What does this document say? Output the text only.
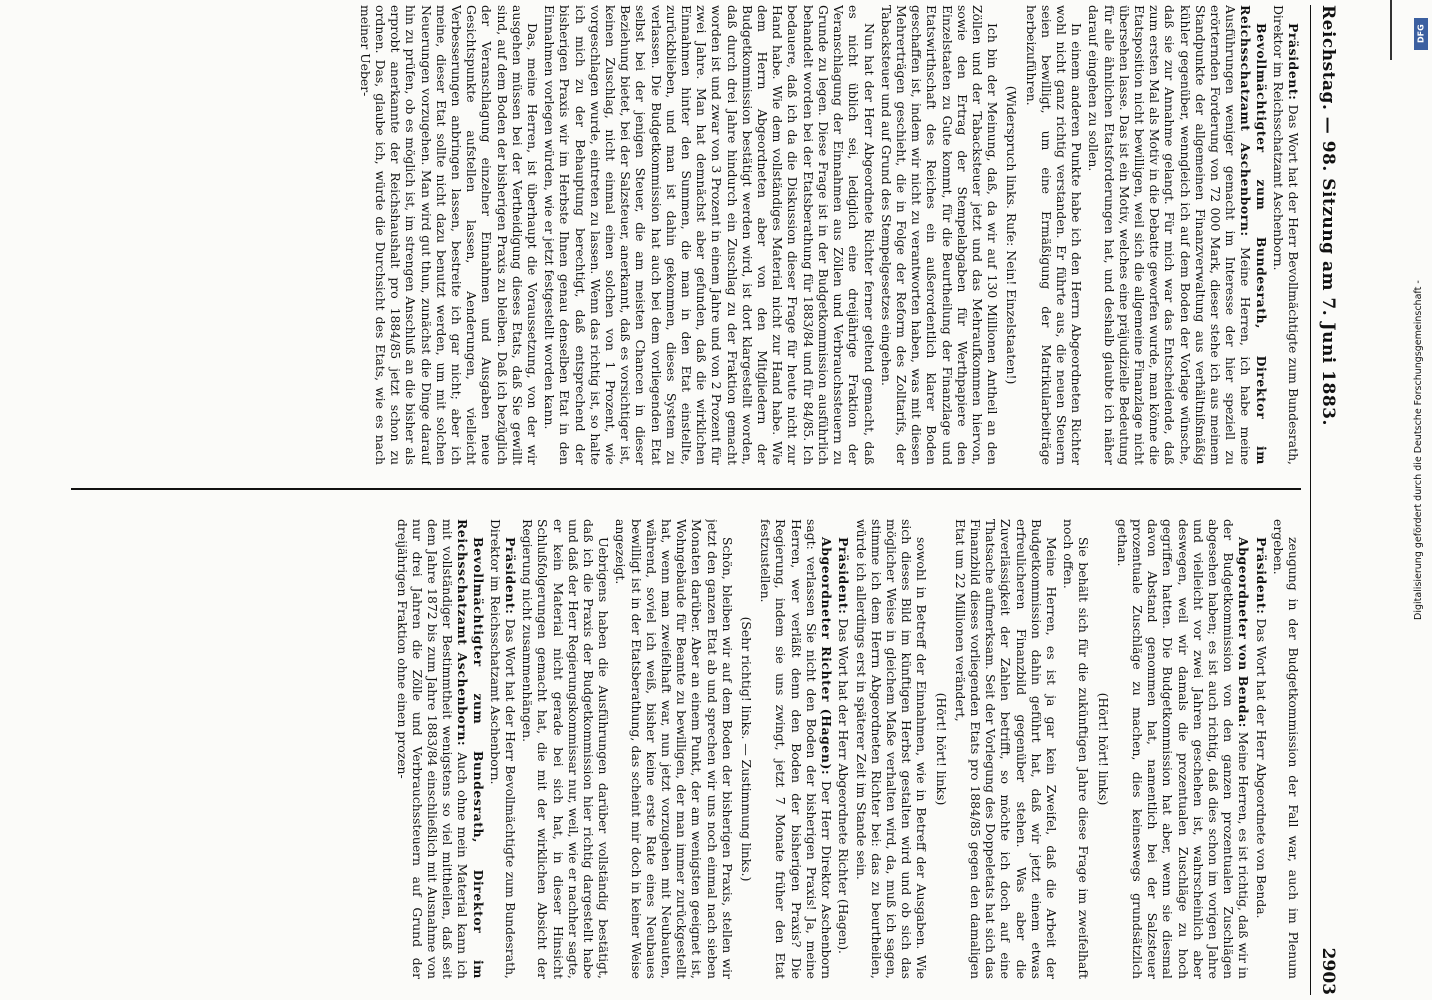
Reichstag. — 98. Sitzung am 7. Juni 1883.
2903

Präsident: Das Wort hat der Herr Bevollmächtigte zum Bundesrath, Direktor im Reichsschatzamt Aschenborn.

Bevollmächtigter zum Bundesrath, Direktor im Reichsschatzamt Aschenborn: Meine Herren, ich habe meine Ausführungen weniger gemacht im Interesse der hier speziell zu erörternden Forderung von 72 000 Mark, dieser stehe ich aus meinem Standpunkte der allgemeinen Finanzverwaltung aus verhältnißmäßig kühler gegenüber, wenngleich ich auf dem Boden der Vorlage wünsche, daß sie zur Annahme gelangt. Für mich war das Entscheidende, daß zum ersten Mal als Motiv in die Debatte geworfen wurde, man könne die Etatsposition nicht bewilligen, weil sich die allgemeine Finanzlage nicht übersehen lasse. Das ist ein Motiv, welches eine präjudizielle Bedeutung für alle ähnlichen Etatsforderungen hat, und deshalb glaubte ich näher darauf eingehen zu sollen.

In einem anderen Punkte habe ich den Herrn Abgeordneten Richter wohl nicht ganz richtig verstanden. Er führte aus, die neuen Steuern seien bewilligt, um eine Ermäßigung der Matrikularbeiträge herbeizuführen.

(Widerspruch links. Rufe: Nein! Einzelstaaten!)

Ich bin der Meinung, daß, da wir auf 130 Millionen Antheil an den Zöllen und der Tabacksteuer jetzt und das Mehraufkommen hiervon, sowie den Ertrag der Stempelabgaben für Werthpapiere den Einzelstaaten zu Gute kommt, für die Beurtheilung der Finanzlage und Etatswirthschaft des Reiches ein außerordentlich klarer Boden geschaffen ist, indem wir nicht zu verantworten haben, was mit diesen Mehrerträgen geschieht, die in Folge der Reform des Zolltarifs, der Tabacksteuer und auf Grund des Stempelgesetzes eingehen.

Nun hat der Herr Abgeordnete Richter ferner geltend gemacht, daß es nicht üblich sei, lediglich eine dreijährige Fraktion der Veranschlagung der Einnahmen aus Zöllen und Verbrauchssteuern zu Grunde zu legen. Diese Frage ist in der Budgetkommission ausführlich behandelt worden bei der Etatsberathung für 1883/84 und für 84/85. Ich bedauere, daß ich da die Diskussion dieser Frage für heute nicht zur Hand habe. Wie dem vollständiges Material nicht zur Hand habe. Wie dem Herrn Abgeordneten aber von den Mitgliedern der Budgetkommission bestätigt werden wird, ist dort klargestellt worden, daß durch drei Jahre hindurch ein Zuschlag zu der Fraktion gemacht worden ist und zwar von 3 Prozent in einem Jahre und von 2 Prozent für zwei Jahre. Man hat demnächst aber gefunden, daß die wirklichen Einnahmen hinter den Summen, die man in den Etat einstellte, zurückblieben, und man ist dahin gekommen, dieses System zu verlassen. Die Budgetkommission hat auch bei dem vorliegenden Etat selbst bei der jenigen Steuer, die am meisten Chancen in dieser Beziehung bietet, bei der Salzsteuer, anerkannt, daß es vorsichtiger ist, keinen Zuschlag, nicht einmal einen solchen von 1 Prozent, wie vorgeschlagen wurde, eintreten zu lassen. Wenn das richtig ist, so halte ich mich zu der Behauptung berechtigt, daß entsprechend der bisherigen Praxis wir im Herbste Ihnen genau denselben Etat in den Einnahmen vorlegen würden, wie er jetzt festgestellt worden kann.

Das, meine Herren, ist überhaupt die Voraussetzung, von der wir ausgehen müssen bei der Vertheidigung dieses Etats, daß Sie gewillt sind, auf dem Boden der bisherigen Praxis zu bleiben. Daß ich bezüglich der Veranschlagung einzelner Einnahmen und Ausgaben neue Gesichtspunkte aufstellen lassen, Aenderungen, vielleicht Verbesserungen anbringen lassen, bestreite ich gar nicht; aber ich meine, dieser Etat sollte nicht dazu benutzt werden, um mit solchen Neuerungen vorzugehen. Man wird gut thun, zunächst die Dinge darauf hin zu prüfen, ob es möglich ist, im strengen Anschluß an die bisher als erprobt anerkannte der Reichshaushalt pro 1884/85 jetzt schon zu ordnen. Das, glaube ich, würde die Durchsicht des Etats, wie es nach meiner Ueber-

zeugung in der Budgetkommission der Fall war, auch im Plenum ergeben.

Präsident: Das Wort hat der Herr Abgeordnete von Benda.

Abgeordneter von Benda: Meine Herren, es ist richtig, daß wir in der Budgetkommission von den ganzen prozentualen Zuschlägen abgesehen haben; es ist auch richtig, daß dies schon im vorigen Jahre und vielleicht vor zwei Jahren geschehen ist, wahrscheinlich aber deswegen, weil wir damals die prozentualen Zuschläge zu hoch gegriffen hatten. Die Budgetkommission hat aber, wenn sie diesmal davon Abstand genommen hat, namentlich bei der Salzsteuer prozentuale Zuschläge zu machen, dies keineswegs grundsätzlich gethan.

(Hört! hört! links)

Sie behält sich für die zukünftigen Jahre diese Frage im zweifelhaft noch offen.

Meine Herren, es ist ja gar kein Zweifel, daß die Arbeit der Budgetkommission dahin geführt hat, daß wir jetzt einem etwas erfreulicheren Finanzbild gegenüber stehen. Was aber die Zuverlässigkeit der Zahlen betrifft, so möchte ich doch auf eine Thatsache aufmerksam. Seit der Vorlegung des Doppeletats hat sich das Finanzbild dieses vorliegenden Etats pro 1884/85 gegen den damaligen Etat um 22 Millionen verändert,

(Hört! hört! links)

sowohl in Betreff der Einnahmen, wie in Betreff der Ausgaben. Wie sich dieses Bild im künftigen Herbst gestalten wird und ob sich das möglicher Weise in gleichem Maße verhalten wird, da, muß ich sagen, stimme ich dem Herrn Abgeordneten Richter bei: das zu beurtheilen, würde ich allerdings erst in späterer Zeit im Stande sein.

Präsident: Das Wort hat der Herr Abgeordnete Richter (Hagen).

Abgeordneter Richter (Hagen): Der Herr Direktor Aschenborn sagt: verlassen Sie nicht den Boden der bisherigen Praxis! Ja, meine Herren, wer verläßt denn den Boden der bisherigen Praxis? Die Regierung, indem sie uns zwingt, jetzt 7 Monate früher den Etat festzustellen.

(Sehr richtig! links. — Zustimmung links.)

Schön, bleiben wir auf dem Boden der bisherigen Praxis, stellen wir jetzt den ganzen Etat ab und sprechen wir uns noch einmal nach sieben Monaten darüber. Aber an einem Punkt, der am wenigsten geeignet ist, Wohngebäude für Beamte zu bewilligen, der man immer zurückgestellt hat, wenn man zweifelhaft war, nun jetzt vorzugehen mit Neubauten, während, soviel ich weiß, bisher keine erste Rate eines Neubaues bewilligt ist in der Etatsberathung, das scheint mir doch in keiner Weise angezeigt.

Uebrigens haben die Ausführungen darüber vollständig bestätigt, daß ich die Praxis der Budgetkommission hier richtig dargestellt habe und daß der Herr Regierungskommissar nur, weil, wie er nachher sagte, er kein Material nicht gerade bei sich hat, in dieser Hinsicht Schlußfolgerungen gemacht hat, die mit der wirklichen Absicht der Regierung nicht zusammenhängen.

Präsident: Das Wort hat der Herr Bevollmächtigte zum Bundesrath, Direktor im Reichsschatzamt Aschenborn.

Bevollmächtigter zum Bundesrath, Direktor im Reichsschatzamt Aschenborn: Auch ohne mein Material kann ich mit vollständiger Bestimmtheit wenigstens so viel mittheilen, daß seit dem Jahre 1872 bis zum Jahre 1883/84 einschließlich mit Ausnahme von nur drei Jahren die Zölle und Verbrauchssteuern auf Grund der dreijährigen Fraktion ohne einen prozen-

Digitalisierung gefördert durch die Deutsche Forschungsgemeinschaft -
DFG
